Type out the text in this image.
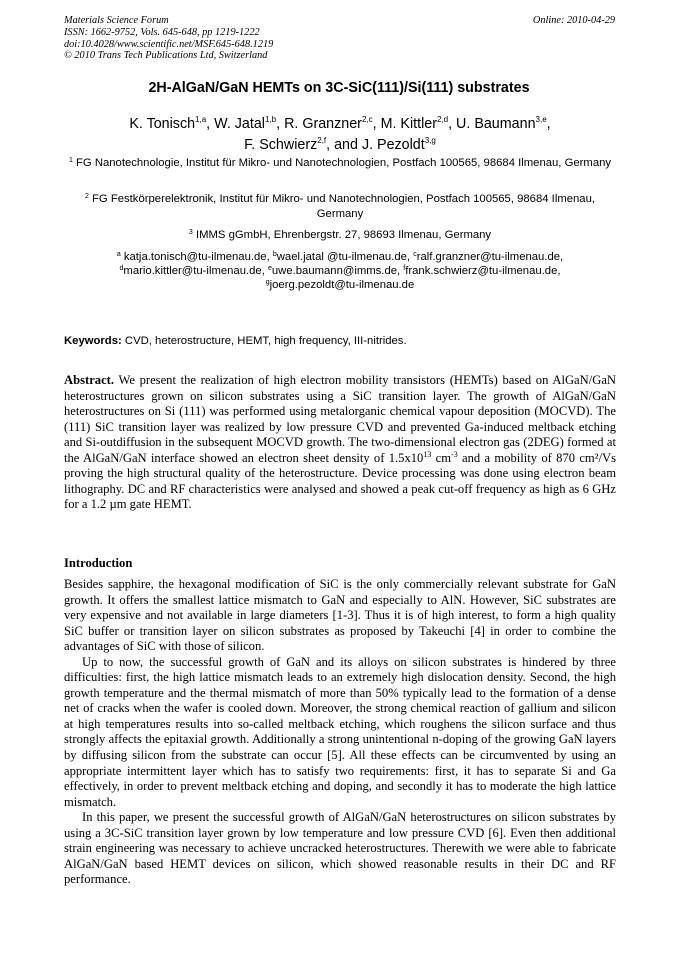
Materials Science Forum
ISSN: 1662-9752, Vols. 645-648, pp 1219-1222
doi:10.4028/www.scientific.net/MSF.645-648.1219
© 2010 Trans Tech Publications Ltd, Switzerland
Online: 2010-04-29
2H-AlGaN/GaN HEMTs on 3C-SiC(111)/Si(111) substrates
K. Tonisch$^{1,a}$, W. Jatal$^{1,b}$, R. Granzner$^{2,c}$, M. Kittler$^{2,d}$, U. Baumann$^{3,e}$,
F. Schwierz$^{2,f}$, and J. Pezoldt$^{3,g}$
$^1$ FG Nanotechnologie, Institut für Mikro- und Nanotechnologien, Postfach 100565, 98684 Ilmenau, Germany
$^2$ FG Festkörperelektronik, Institut für Mikro- und Nanotechnologien, Postfach 100565, 98684 Ilmenau, Germany
$^3$ IMMS gGmbH, Ehrenbergstr. 27, 98693 Ilmenau, Germany
$^a$ katja.tonisch@tu-ilmenau.de, $^b$wael.jatal @tu-ilmenau.de, $^c$ralf.granzner@tu-ilmenau.de,
$^d$mario.kittler@tu-ilmenau.de, $^e$uwe.baumann@imms.de, $^f$frank.schwierz@tu-ilmenau.de,
$^g$joerg.pezoldt@tu-ilmenau.de
Keywords: CVD, heterostructure, HEMT, high frequency, III-nitrides.

Abstract. We present the realization of high electron mobility transistors (HEMTs) based on AlGaN/GaN heterostructures grown on silicon substrates using a SiC transition layer. The growth of AlGaN/GaN heterostructures on Si (111) was performed using metalorganic chemical vapour deposition (MOCVD). The (111) SiC transition layer was realized by low pressure CVD and prevented Ga-induced meltback etching and Si-outdiffusion in the subsequent MOCVD growth. The two-dimensional electron gas (2DEG) formed at the AlGaN/GaN interface showed an electron sheet density of $1.5x10^{13}$ $cm^{-3}$ and a mobility of 870 cm²/Vs proving the high structural quality of the heterostructure. Device processing was done using electron beam lithography. DC and RF characteristics were analysed and showed a peak cut-off frequency as high as 6 GHz for a 1.2 µm gate HEMT.

Introduction

Besides sapphire, the hexagonal modification of SiC is the only commercially relevant substrate for GaN growth. It offers the smallest lattice mismatch to GaN and especially to AlN. However, SiC substrates are very expensive and not available in large diameters [1-3]. Thus it is of high interest, to form a high quality SiC buffer or transition layer on silicon substrates as proposed by Takeuchi [4] in order to combine the advantages of SiC with those of silicon.

Up to now, the successful growth of GaN and its alloys on silicon substrates is hindered by three difficulties: first, the high lattice mismatch leads to an extremely high dislocation density. Second, the high growth temperature and the thermal mismatch of more than 50% typically lead to the formation of a dense net of cracks when the wafer is cooled down. Moreover, the strong chemical reaction of gallium and silicon at high temperatures results into so-called meltback etching, which roughens the silicon surface and thus strongly affects the epitaxial growth. Additionally a strong unintentional n-doping of the growing GaN layers by diffusing silicon from the substrate can occur [5]. All these effects can be circumvented by using an appropriate intermittent layer which has to satisfy two requirements: first, it has to separate Si and Ga effectively, in order to prevent meltback etching and doping, and secondly it has to moderate the high lattice mismatch.

In this paper, we present the successful growth of AlGaN/GaN heterostructures on silicon substrates by using a 3C-SiC transition layer grown by low temperature and low pressure CVD [6]. Even then additional strain engineering was necessary to achieve uncracked heterostructures. Therewith we were able to fabricate AlGaN/GaN based HEMT devices on silicon, which showed reasonable results in their DC and RF performance.
